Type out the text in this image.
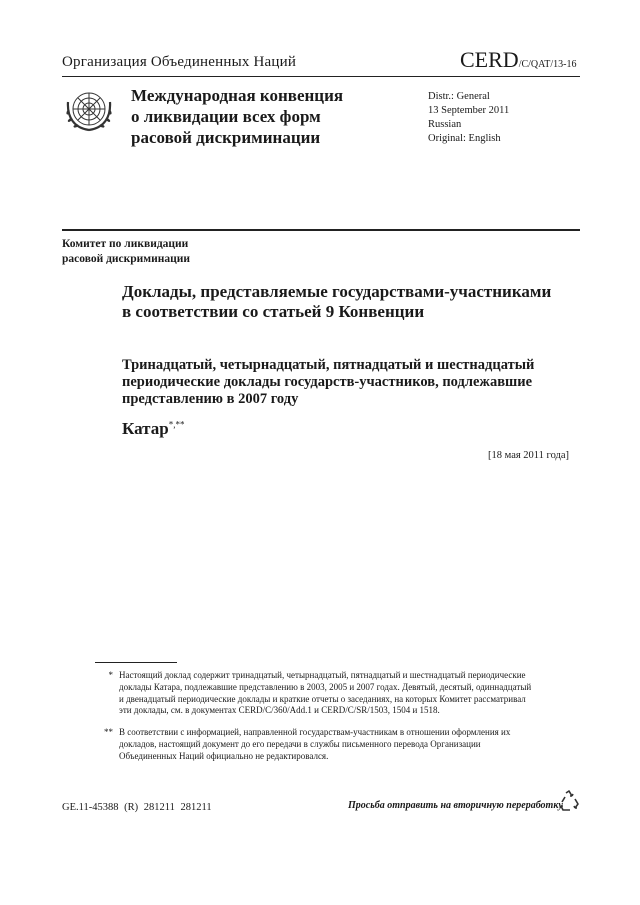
Организация Объединенных Наций	CERD/C/QAT/13-16
Международная конвенция
о ликвидации всех форм
расовой дискриминации
Distr.: General
13 September 2011
Russian
Original: English
Комитет по ликвидации
расовой дискриминации
Доклады, представляемые государствами-участниками в соответствии со статьей 9 Конвенции
Тринадцатый, четырнадцатый, пятнадцатый и шестнадцатый периодические доклады государств-участников, подлежавшие представлению в 2007 году
Катар*,**
[18 мая 2011 года]
* Настоящий доклад содержит тринадцатый, четырнадцатый, пятнадцатый и шестнадцатый периодические доклады Катара, подлежавшие представлению в 2003, 2005 и 2007 годах. Девятый, десятый, одиннадцатый и двенадцатый периодические доклады и краткие отчеты о заседаниях, на которых Комитет рассматривал эти доклады, см. в документах CERD/C/360/Add.1 и CERD/C/SR/1503, 1504 и 1518.
** В соответствии с информацией, направленной государствам-участникам в отношении оформления их докладов, настоящий документ до его передачи в службы письменного перевода Организации Объединенных Наций официально не редактировался.
GE.11-45388 (R) 281211 281211	Просьба отправить на вторичную переработку
